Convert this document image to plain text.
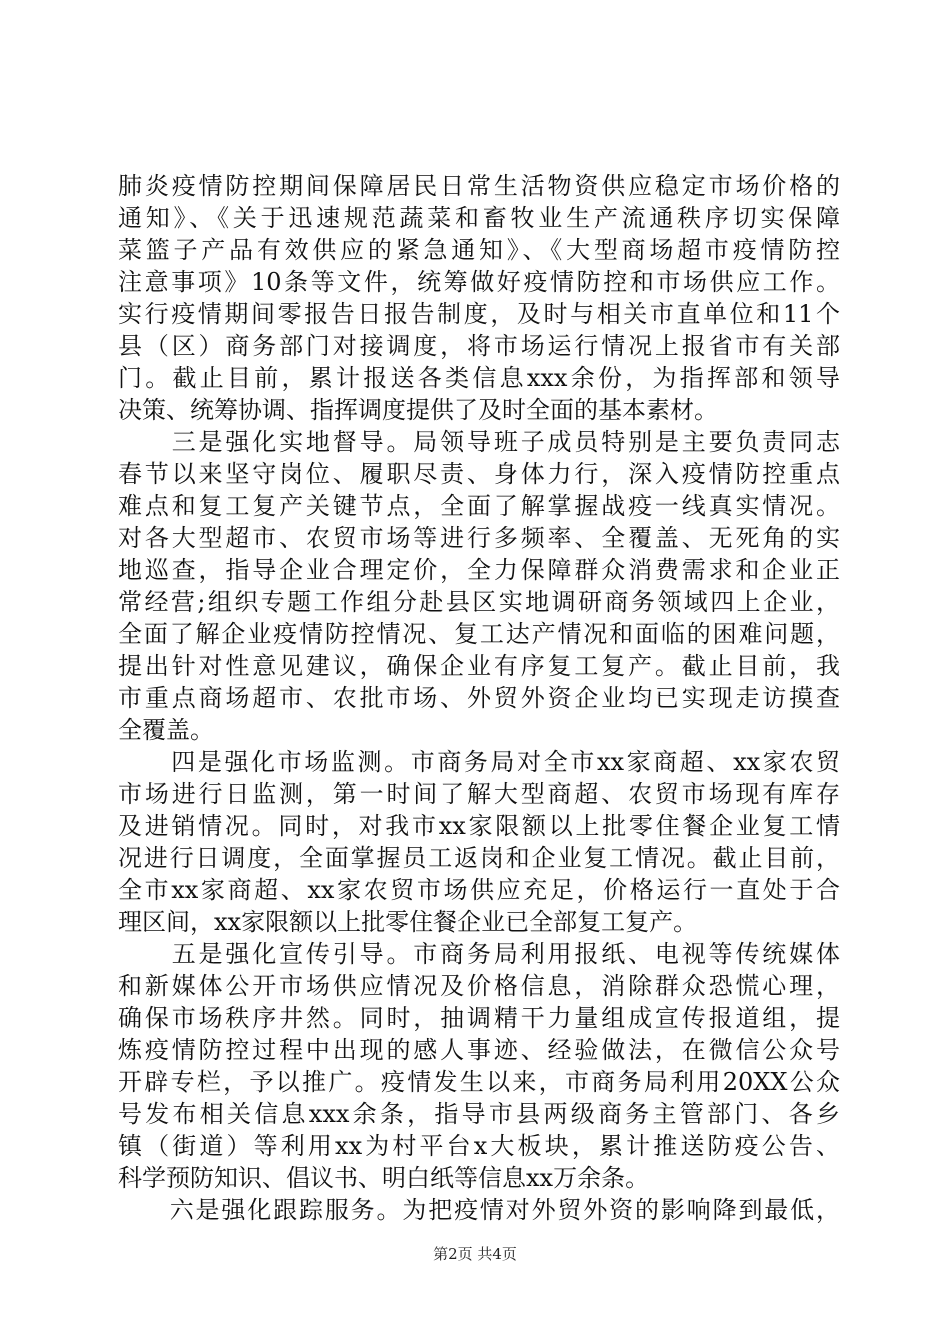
肺炎疫情防控期间保障居民日常生活物资供应稳定市场价格的
通知》、《关于迅速规范蔬菜和畜牧业生产流通秩序切实保障
菜篮子产品有效供应的紧急通知》、《大型商场超市疫情防控
注意事项》10条等文件，统筹做好疫情防控和市场供应工作。
实行疫情期间零报告日报告制度，及时与相关市直单位和11个
县（区）商务部门对接调度，将市场运行情况上报省市有关部
门。截止目前，累计报送各类信息xxx余份，为指挥部和领导
决策、统筹协调、指挥调度提供了及时全面的基本素材。
　　三是强化实地督导。局领导班子成员特别是主要负责同志
春节以来坚守岗位、履职尽责、身体力行，深入疫情防控重点
难点和复工复产关键节点，全面了解掌握战疫一线真实情况。
对各大型超市、农贸市场等进行多频率、全覆盖、无死角的实
地巡查，指导企业合理定价，全力保障群众消费需求和企业正
常经营;组织专题工作组分赴县区实地调研商务领域四上企业，
全面了解企业疫情防控情况、复工达产情况和面临的困难问题，
提出针对性意见建议，确保企业有序复工复产。截止目前，我
市重点商场超市、农批市场、外贸外资企业均已实现走访摸查
全覆盖。
　　四是强化市场监测。市商务局对全市xx家商超、xx家农贸
市场进行日监测，第一时间了解大型商超、农贸市场现有库存
及进销情况。同时，对我市xx家限额以上批零住餐企业复工情
况进行日调度，全面掌握员工返岗和企业复工情况。截止目前，
全市xx家商超、xx家农贸市场供应充足，价格运行一直处于合
理区间，xx家限额以上批零住餐企业已全部复工复产。
　　五是强化宣传引导。市商务局利用报纸、电视等传统媒体
和新媒体公开市场供应情况及价格信息，消除群众恐慌心理，
确保市场秩序井然。同时，抽调精干力量组成宣传报道组，提
炼疫情防控过程中出现的感人事迹、经验做法，在微信公众号
开辟专栏，予以推广。疫情发生以来，市商务局利用20XX公众
号发布相关信息xxx余条，指导市县两级商务主管部门、各乡
镇（街道）等利用xx为村平台x大板块，累计推送防疫公告、
科学预防知识、倡议书、明白纸等信息xx万余条。
　　六是强化跟踪服务。为把疫情对外贸外资的影响降到最低，
第2页 共4页
